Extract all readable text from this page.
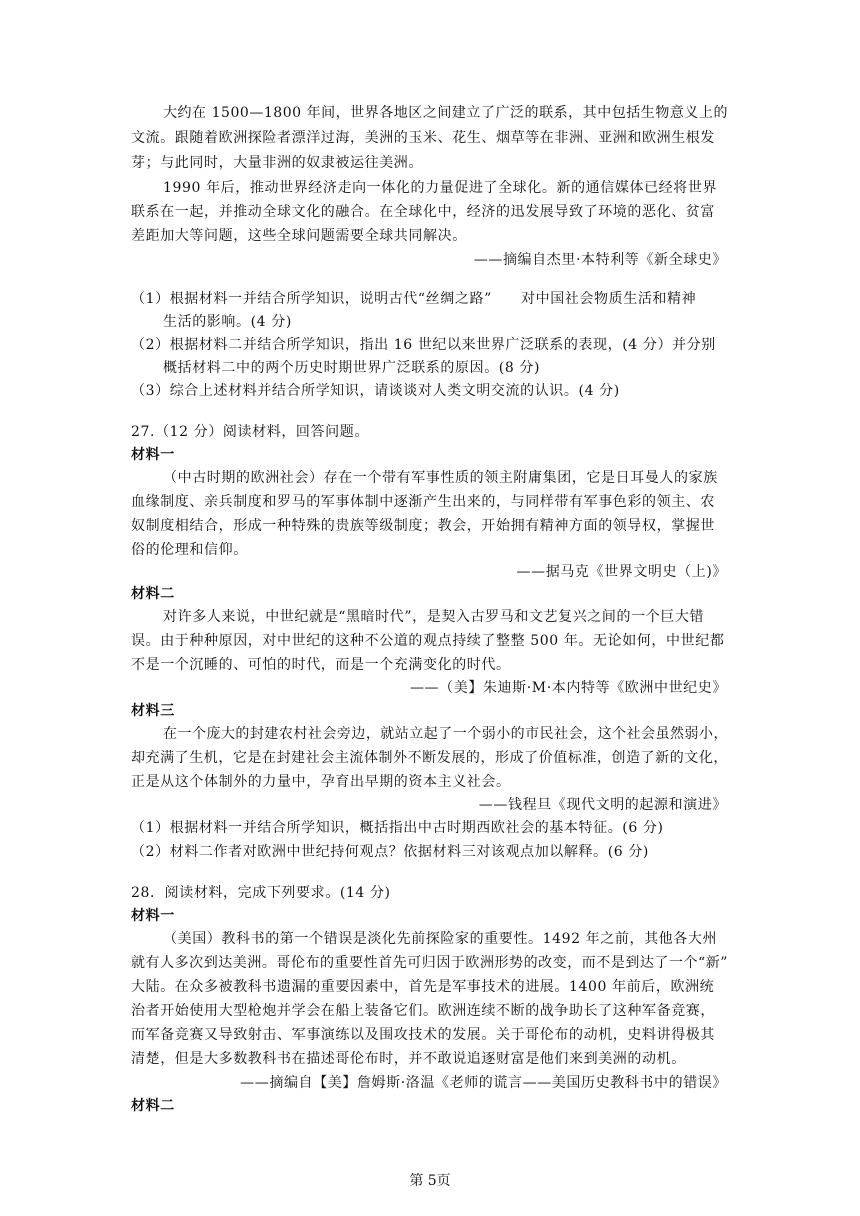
大约在 1500—1800 年间，世界各地区之间建立了广泛的联系，其中包括生物意义上的
文流。跟随着欧洲探险者漂洋过海，美洲的玉米、花生、烟草等在非洲、亚洲和欧洲生根发
芽；与此同时，大量非洲的奴隶被运往美洲。
1990 年后，推动世界经济走向一体化的力量促进了全球化。新的通信媒体已经将世界
联系在一起，并推动全球文化的融合。在全球化中，经济的迅发展导致了环境的恶化、贫富
差距加大等问题，这些全球问题需要全球共同解决。
——摘编自杰里·本特利等《新全球史》
（1）根据材料一并结合所学知识，说明古代“丝绸之路”　　对中国社会物质生活和精神
生活的影响。(4 分)
（2）根据材料二并结合所学知识，指出 16 世纪以来世界广泛联系的表现，(4 分）并分别
概括材料二中的两个历史时期世界广泛联系的原因。(8 分)
（3）综合上述材料并结合所学知识，请谈谈对人类文明交流的认识。(4 分)
27.（12 分）阅读材料，回答问题。
材料一
（中古时期的欧洲社会）存在一个带有军事性质的领主附庸集团，它是日耳曼人的家族
血缘制度、亲兵制度和罗马的军事体制中逐渐产生出来的，与同样带有军事色彩的领主、农
奴制度相结合，形成一种特殊的贵族等级制度；教会，开始拥有精神方面的领导权，掌握世
俗的伦理和信仰。
——据马克《世界文明史（上)》
材料二
对许多人来说，中世纪就是“黑暗时代”，是契入古罗马和文艺复兴之间的一个巨大错
误。由于种种原因，对中世纪的这种不公道的观点持续了整整 500 年。无论如何，中世纪都
不是一个沉睡的、可怕的时代，而是一个充满变化的时代。
——（美】朱迪斯·M·本内特等《欧洲中世纪史》
材料三
在一个庞大的封建农村社会旁边，就站立起了一个弱小的市民社会，这个社会虽然弱小，
却充满了生机，它是在封建社会主流体制外不断发展的，形成了价值标准，创造了新的文化，
正是从这个体制外的力量中，孕育出早期的资本主义社会。
——钱程旦《现代文明的起源和演进》
（1）根据材料一并结合所学知识，概括指出中古时期西欧社会的基本特征。(6 分)
（2）材料二作者对欧洲中世纪持何观点？依据材料三对该观点加以解释。(6 分)
28．阅读材料，完成下列要求。(14 分)
材料一
（美国）教科书的第一个错误是淡化先前探险家的重要性。1492 年之前，其他各大州
就有人多次到达美洲。哥伦布的重要性首先可归因于欧洲形势的改变，而不是到达了一个“新”
大陆。在众多被教科书遗漏的重要因素中，首先是军事技术的进展。1400 年前后，欧洲统
治者开始使用大型枪炮并学会在船上装备它们。欧洲连续不断的战争助长了这种军备竞赛，
而军备竞赛又导致射击、军事演练以及围攻技术的发展。关于哥伦布的动机，史料讲得极其
清楚，但是大多数教科书在描述哥伦布时，并不敢说追逐财富是他们来到美洲的动机。
——摘编自【美】詹姆斯·洛温《老师的谎言——美国历史教科书中的错误》
材料二
第 5页
